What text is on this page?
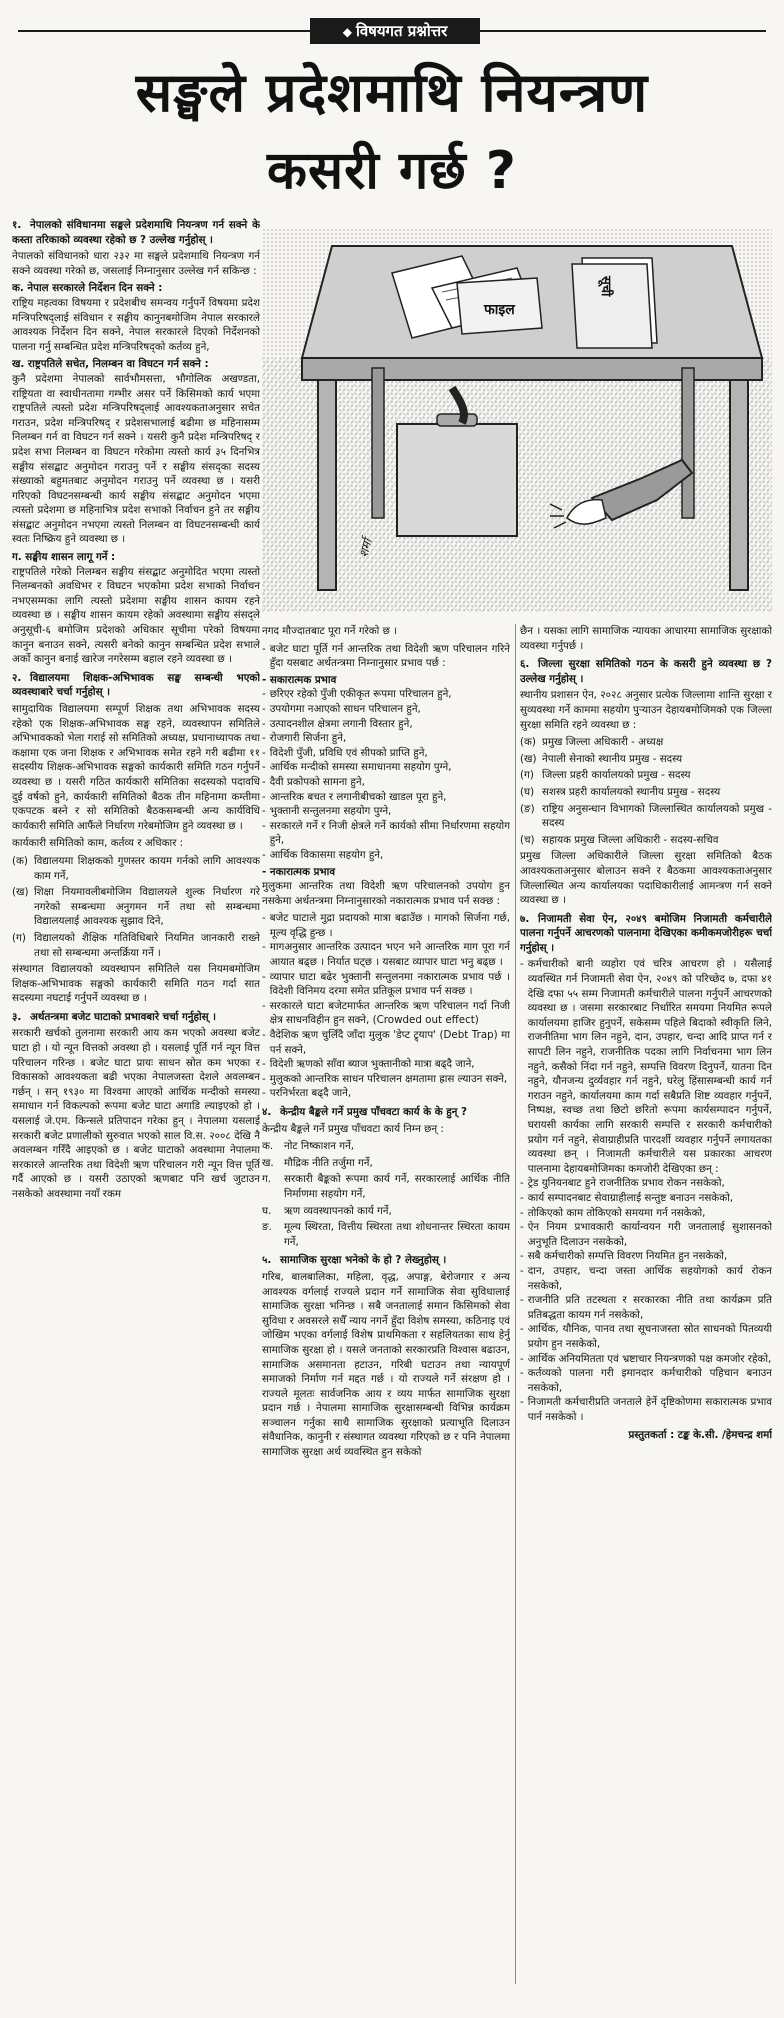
◆ विषयगत प्रश्नोत्तर
सङ्घले प्रदेशमाथि नियन्त्रण
कसरी गर्छ ?
फाइल
सूची
शर्मा
१. नेपालको संविधानमा सङ्घले प्रदेशमाथि नियन्त्रण गर्न सक्ने के कस्ता तरिकाको व्यवस्था रहेको छ ? उल्लेख गर्नुहोस् ।

नेपालको संविधानको धारा २३२ मा सङ्घले प्रदेशमाथि नियन्त्रण गर्न सक्ने व्यवस्था गरेको छ, जसलाई निम्नानुसार उल्लेख गर्न सकिन्छ :

क. नेपाल सरकारले निर्देशन दिन सक्ने :

राष्ट्रिय महत्वका विषयमा र प्रदेशबीच समन्वय गर्नुपर्ने विषयमा प्रदेश मन्त्रिपरिषद्लाई संविधान र सङ्घीय कानुनबमोजिम नेपाल सरकारले आवश्यक निर्देशन दिन सक्ने, नेपाल सरकारले दिएको निर्देशनको पालना गर्नु सम्बन्धित प्रदेश मन्त्रिपरिषद्को कर्तव्य हुने,

ख. राष्ट्रपतिले सचेत, निलम्बन वा विघटन गर्न सक्ने :

कुनै प्रदेशमा नेपालको सार्वभौमसत्ता, भौगोलिक अखण्डता, राष्ट्रियता वा स्वाधीनतामा गम्भीर असर पर्ने किसिमको कार्य भएमा राष्ट्रपतिले त्यस्तो प्रदेश मन्त्रिपरिषद्लाई आवश्यकताअनुसार सचेत गराउन, प्रदेश मन्त्रिपरिषद् र प्रदेशसभालाई बढीमा छ महिनासम्म निलम्बन गर्न वा विघटन गर्न सक्ने । यसरी कुनै प्रदेश मन्त्रिपरिषद् र प्रदेश सभा निलम्बन वा विघटन गरेकोमा त्यस्तो कार्य ३५ दिनभित्र सङ्घीय संसद्बाट अनुमोदन गराउनु पर्ने र सङ्घीय संसद्का सदस्य संख्याको बहुमतबाट अनुमोदन गराउनु पर्ने व्यवस्था छ । यसरी गरिएको विघटनसम्बन्धी कार्य सङ्घीय संसद्बाट अनुमोदन भएमा त्यस्तो प्रदेशमा छ महिनाभित्र प्रदेश सभाको निर्वाचन हुने तर सङ्घीय संसद्बाट अनुमोदन नभएमा त्यस्तो निलम्बन वा विघटनसम्बन्धी कार्य स्वतः निष्क्रिय हुने व्यवस्था छ ।

ग. सङ्घीय शासन लागू गर्ने :

राष्ट्रपतिले गरेको निलम्बन सङ्घीय संसद्बाट अनुमोदित भएमा त्यस्तो निलम्बनको अवधिभर र विघटन भएकोमा प्रदेश सभाको निर्वाचन नभएसम्मका लागि त्यस्तो प्रदेशमा सङ्घीय शासन कायम रहने व्यवस्था छ । सङ्घीय शासन कायम रहेको अवस्थामा सङ्घीय संसद्ले अनुसूची-६ बमोजिम प्रदेशको अधिकार सूचीमा परेको विषयमा कानुन बनाउन सक्ने, त्यसरी बनेको कानुन सम्बन्धित प्रदेश सभाले अर्को कानुन बनाई खारेज नगरेसम्म बहाल रहने व्यवस्था छ ।

२. विद्यालयमा शिक्षक-अभिभावक सङ्घ सम्बन्धी भएको व्यवस्थाबारे चर्चा गर्नुहोस् ।

सामुदायिक विद्यालयमा सम्पूर्ण शिक्षक तथा अभिभावक सदस्य रहेको एक शिक्षक-अभिभावक सङ्घ रहने, व्यवस्थापन समितिले अभिभावकको भेला गराई सो समितिको अध्यक्ष, प्रधानाध्यापक तथा कक्षामा एक जना शिक्षक र अभिभावक समेत रहने गरी बढीमा ११ सदस्यीय शिक्षक-अभिभावक सङ्घको कार्यकारी समिति गठन गर्नुपर्ने व्यवस्था छ । यसरी गठित कार्यकारी समितिका सदस्यको पदावधि दुई वर्षको हुने, कार्यकारी समितिको बैठक तीन महिनामा कम्तीमा एकपटक बस्ने र सो समितिको बैठकसम्बन्धी अन्य कार्यविधि कार्यकारी समिति आफैंले निर्धारण गरेबमोजिम हुने व्यवस्था छ ।

कार्यकारी समितिको काम, कर्तव्य र अधिकार :

(क) विद्यालयमा शिक्षकको गुणस्तर कायम गर्नको लागि आवश्यक काम गर्ने,
(ख) शिक्षा नियमावलीबमोजिम विद्यालयले शुल्क निर्धारण गरे नगरेको सम्बन्धमा अनुगमन गर्ने तथा सो सम्बन्धमा विद्यालयलाई आवश्यक सुझाव दिने,
(ग) विद्यालयको शैक्षिक गतिविधिबारे नियमित जानकारी राख्ने तथा सो सम्बन्धमा अन्तर्क्रिया गर्ने ।

संस्थागत विद्यालयको व्यवस्थापन समितिले यस नियमबमोजिम शिक्षक-अभिभावक सङ्घको कार्यकारी समिति गठन गर्दा सात सदस्यमा नघटाई गर्नुपर्ने व्यवस्था छ ।

३. अर्थतन्त्रमा बजेट घाटाको प्रभावबारे चर्चा गर्नुहोस् ।

सरकारी खर्चको तुलनामा सरकारी आय कम भएको अवस्था बजेट घाटा हो । यो न्यून वित्तको अवस्था हो । यसलाई पूर्ति गर्न न्यून वित्त परिचालन गरिन्छ । बजेट घाटा प्रायः साधन स्रोत कम भएका र विकासको आवश्यकता बढी भएका नेपालजस्ता देशले अवलम्बन गर्छन् । सन् १९३० मा विश्वमा आएको आर्थिक मन्दीको समस्या समाधान गर्न विकल्पको रूपमा बजेट घाटा अगाडि ल्याइएको हो । यसलाई जे.एम. किन्सले प्रतिपादन गरेका हुन् । नेपालमा यसलाई सरकारी बजेट प्रणालीको सुरुवात भएको साल वि.स. २००८ देखि नै अवलम्बन गरिँदै आइएको छ । बजेट घाटाको अवस्थामा नेपालमा सरकारले आन्तरिक तथा विदेशी ऋण परिचालन गरी न्यून वित्त पूर्ति गर्दै आएको छ । यसरी उठाएको ऋणबाट पनि खर्च जुटाउन नसकेको अवस्थामा नयाँ रकम

नगद मौज्दातबाट पूरा गर्ने गरेको छ ।

- बजेट घाटा पूर्ति गर्न आन्तरिक तथा विदेशी ऋण परिचालन गरिने हुँदा यसबाट अर्थतन्त्रमा निम्नानुसार प्रभाव पर्छ :
- सकारात्मक प्रभाव
- छरिएर रहेको पुँजी एकीकृत रूपमा परिचालन हुने,
- उपयोगमा नआएको साधन परिचालन हुने,
- उत्पादनशील क्षेत्रमा लगानी विस्तार हुने,
- रोजगारी सिर्जना हुने,
- विदेशी पुँजी, प्रविधि एवं सीपको प्राप्ति हुने,
- आर्थिक मन्दीको समस्या समाधानमा सहयोग पुग्ने,
- दैवी प्रकोपको सामना हुने,
- आन्तरिक बचत र लगानीबीचको खाडल पूरा हुने,
- भुक्तानी सन्तुलनमा सहयोग पुग्ने,
- सरकारले गर्ने र निजी क्षेत्रले गर्ने कार्यको सीमा निर्धारणमा सहयोग हुने,
- आर्थिक विकासमा सहयोग हुने,
- नकारात्मक प्रभाव

मुलुकमा आन्तरिक तथा विदेशी ऋण परिचालनको उपयोग हुन नसकेमा अर्थतन्त्रमा निम्नानुसारको नकारात्मक प्रभाव पर्न सक्छ :

- बजेट घाटाले मुद्रा प्रदायको मात्रा बढाउँछ । मागको सिर्जना गर्छ, मूल्य वृद्धि हुन्छ ।
- मागअनुसार आन्तरिक उत्पादन भएन भने आन्तरिक माग पूरा गर्न आयात बढ्छ । निर्यात घट्छ । यसबाट व्यापार घाटा भनु बढ्छ ।
- व्यापार घाटा बढेर भुक्तानी सन्तुलनमा नकारात्मक प्रभाव पर्छ । विदेशी विनिमय दरमा समेत प्रतिकूल प्रभाव पर्न सक्छ ।
- सरकारले घाटा बजेटमार्फत आन्तरिक ऋण परिचालन गर्दा निजी क्षेत्र साधनविहीन हुन सक्ने, (Crowded out effect)
- वैदेशिक ऋण चुलिँदै जाँदा मुलुक 'डेप्ट ट्र्याप' (Debt Trap) मा पर्न सक्ने,
- विदेशी ऋणको साँवा ब्याज भुक्तानीको मात्रा बढ्दै जाने,
- मुलुकको आन्तरिक साधन परिचालन क्षमतामा ह्रास ल्याउन सक्ने,
- परनिर्भरता बढ्दै जाने,
४. केन्द्रीय बैङ्कले गर्ने प्रमुख पाँचवटा कार्य के के हुन् ?

केन्द्रीय बैङ्कले गर्ने प्रमुख पाँचवटा कार्य निम्न छन् :

क.	नोट निष्काशन गर्ने,
ख. मौद्रिक नीति तर्जुमा गर्ने,
ग.	सरकारी बैङ्कको रूपमा कार्य गर्ने, सरकारलाई आर्थिक नीति निर्माणमा सहयोग गर्ने,
घ.	ऋण व्यवस्थापनको कार्य गर्ने,
ङ.	मूल्य स्थिरता, वित्तीय स्थिरता तथा शोधनान्तर स्थिरता कायम गर्ने,
५. सामाजिक सुरक्षा भनेको के हो ? लेख्नुहोस् ।

गरिब, बालबालिका, महिला, वृद्ध, अपाङ्ग, बेरोजगार र अन्य आवश्यक वर्गलाई राज्यले प्रदान गर्ने सामाजिक सेवा सुविधालाई सामाजिक सुरक्षा भनिन्छ । सबै जनतालाई समान किसिमको सेवा सुविधा र अवसरले सधैँ न्याय नगर्ने हुँदा विशेष समस्या, कठिनाइ एवं जोखिम भएका वर्गलाई विशेष प्राथमिकता र सहलियतका साथ हेर्नु सामाजिक सुरक्षा हो । यसले जनताको सरकारप्रति विश्वास बढाउन, सामाजिक असमानता हटाउन, गरिबी घटाउन तथा न्यायपूर्ण समाजको निर्माण गर्न मद्दत गर्छ । यो राज्यले गर्ने संरक्षण हो । राज्यले मूलतः सार्वजनिक आय र व्यय मार्फत सामाजिक सुरक्षा प्रदान गर्छ । नेपालमा सामाजिक सुरक्षासम्बन्धी विभिन्न कार्यक्रम सञ्चालन गर्नुका साथै सामाजिक सुरक्षाको प्रत्याभूति दिलाउन संवैधानिक, कानुनी र संस्थागत व्यवस्था गरिएको छ र पनि नेपालमा सामाजिक सुरक्षा अर्थ व्यवस्थित हुन सकेको

छैन । यसका लागि सामाजिक न्यायका आधारमा सामाजिक सुरक्षाको व्यवस्था गर्नुपर्छ ।

६. जिल्ला सुरक्षा समितिको गठन के कसरी हुने व्यवस्था छ ? उल्लेख गर्नुहोस् ।

स्थानीय प्रशासन ऐन, २०२८ अनुसार प्रत्येक जिल्लामा शान्ति सुरक्षा र सुव्यवस्था गर्ने काममा सहयोग पुर्‍याउन देहायबमोजिमको एक जिल्ला सुरक्षा समिति रहने व्यवस्था छ :

(क) प्रमुख जिल्ला अधिकारी - अध्यक्ष
(ख) नेपाली सेनाको स्थानीय प्रमुख - सदस्य
(ग) जिल्ला प्रहरी कार्यालयको प्रमुख - सदस्य
(घ) सशस्त्र प्रहरी कार्यालयको स्थानीय प्रमुख - सदस्य
(ङ) राष्ट्रिय अनुसन्धान विभागको जिल्लास्थित कार्यालयको प्रमुख - सदस्य
(च) सहायक प्रमुख जिल्ला अधिकारी - सदस्य-सचिव

प्रमुख जिल्ला अधिकारीले जिल्ला सुरक्षा समितिको बैठक आवश्यकताअनुसार बोलाउन सक्ने र बैठकमा आवश्यकताअनुसार जिल्लास्थित अन्य कार्यालयका पदाधिकारीलाई आमन्त्रण गर्न सक्ने व्यवस्था छ ।

७. निजामती सेवा ऐन, २०४९ बमोजिम निजामती कर्मचारीले पालना गर्नुपर्ने आचरणको पालनामा देखिएका कमीकमजोरीहरू चर्चा गर्नुहोस् ।
- कर्मचारीको बानी व्यहोरा एवं चरित्र आचरण हो । यसैलाई व्यवस्थित गर्न निजामती सेवा ऐन, २०४९ को परिच्छेद ७, दफा ४१ देखि दफा ५५ सम्म निजामती कर्मचारीले पालना गर्नुपर्ने आचरणको व्यवस्था छ । जसमा सरकारबाट निर्धारित समयमा नियमित रूपले कार्यालयमा हाजिर हुनुपर्ने, सकेसम्म पहिले बिदाको स्वीकृति लिने, राजनीतिमा भाग लिन नहुने, दान, उपहार, चन्दा आदि प्राप्त गर्न र सापटी लिन नहुने, राजनीतिक पदका लागि निर्वाचनमा भाग लिन नहुने, कसैको निंदा गर्न नहुने, सम्पत्ति विवरण दिनुपर्ने, यातना दिन नहुने, यौनजन्य दुर्व्यवहार गर्न नहुने, घरेलु हिंसासम्बन्धी कार्य गर्न गराउन नहुने, कार्यालयमा काम गर्दा सबैप्रति शिष्ट व्यवहार गर्नुपर्ने, निष्पक्ष, स्वच्छ तथा छिटो छरितो रूपमा कार्यसम्पादन गर्नुपर्ने, घरायसी कार्यका लागि सरकारी सम्पत्ति र सरकारी कर्मचारीको प्रयोग गर्न नहुने, सेवाग्राहीप्रति पारदर्शी व्यवहार गर्नुपर्ने लगायतका व्यवस्था छन् । निजामती कर्मचारीले यस प्रकारका आचरण पालनामा देहायबमोजिमका कमजोरी देखिएका छन् :
- ट्रेड युनियनबाट हुने राजनीतिक प्रभाव रोकन नसकेको,
- कार्य सम्पादनबाट सेवाग्राहीलाई सन्तुष्ट बनाउन नसकेको,
- तोकिएको काम तोकिएको समयमा गर्न नसकेको,
- ऐन नियम प्रभावकारी कार्यान्वयन गरी जनतालाई सुशासनको अनुभूति दिलाउन नसकेको,
- सबै कर्मचारीको सम्पत्ति विवरण नियमित हुन नसकेको,
- दान, उपहार, चन्दा जस्ता आर्थिक सहयोगको कार्य रोकन नसकेको,
- राजनीति प्रति तटस्थता र सरकारका नीति तथा कार्यक्रम प्रति प्रतिबद्धता कायम गर्न नसकेको,
- आर्थिक, यौनिक, पानव तथा सूचनाजस्ता स्रोत साधनको पितव्ययी प्रयोग हुन नसकेको,
- आर्थिक अनियमितता एवं भ्रष्टाचार नियन्त्रणको पक्ष कमजोर रहेको,
- कर्तव्यको पालना गरी इमानदार कर्मचारीको पहिचान बनाउन नसकेको,
- निजामती कर्मचारीप्रति जनताले हेर्ने दृष्टिकोणमा सकारात्मक प्रभाव पार्न नसकेको ।
प्रस्तुतकर्ता : टङ्क के.सी. /हेमचन्द्र शर्मा
